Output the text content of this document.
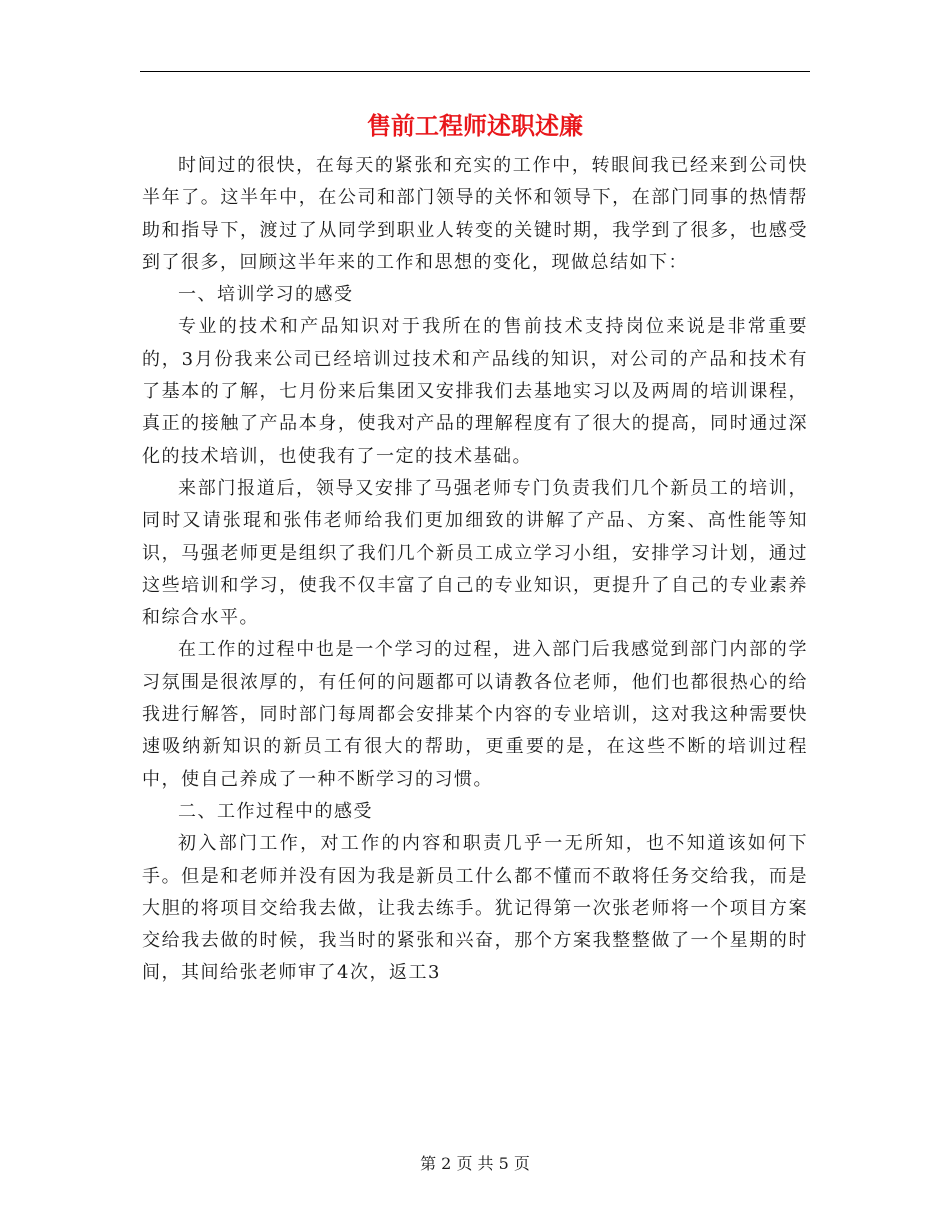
售前工程师述职述廉

时间过的很快，在每天的紧张和充实的工作中，转眼间我已经来到公司快半年了。这半年中，在公司和部门领导的关怀和领导下，在部门同事的热情帮助和指导下，渡过了从同学到职业人转变的关键时期，我学到了很多，也感受到了很多，回顾这半年来的工作和思想的变化，现做总结如下：

一、培训学习的感受

专业的技术和产品知识对于我所在的售前技术支持岗位来说是非常重要的，3月份我来公司已经培训过技术和产品线的知识，对公司的产品和技术有了基本的了解，七月份来后集团又安排我们去基地实习以及两周的培训课程，真正的接触了产品本身，使我对产品的理解程度有了很大的提高，同时通过深化的技术培训，也使我有了一定的技术基础。

来部门报道后，领导又安排了马强老师专门负责我们几个新员工的培训，同时又请张琨和张伟老师给我们更加细致的讲解了产品、方案、高性能等知识，马强老师更是组织了我们几个新员工成立学习小组，安排学习计划，通过这些培训和学习，使我不仅丰富了自己的专业知识，更提升了自己的专业素养和综合水平。

在工作的过程中也是一个学习的过程，进入部门后我感觉到部门内部的学习氛围是很浓厚的，有任何的问题都可以请教各位老师，他们也都很热心的给我进行解答，同时部门每周都会安排某个内容的专业培训，这对我这种需要快速吸纳新知识的新员工有很大的帮助，更重要的是，在这些不断的培训过程中，使自己养成了一种不断学习的习惯。

二、工作过程中的感受

初入部门工作，对工作的内容和职责几乎一无所知，也不知道该如何下手。但是和老师并没有因为我是新员工什么都不懂而不敢将任务交给我，而是大胆的将项目交给我去做，让我去练手。犹记得第一次张老师将一个项目方案交给我去做的时候，我当时的紧张和兴奋，那个方案我整整做了一个星期的时间，其间给张老师审了4次，返工3

第 2 页 共 5 页
